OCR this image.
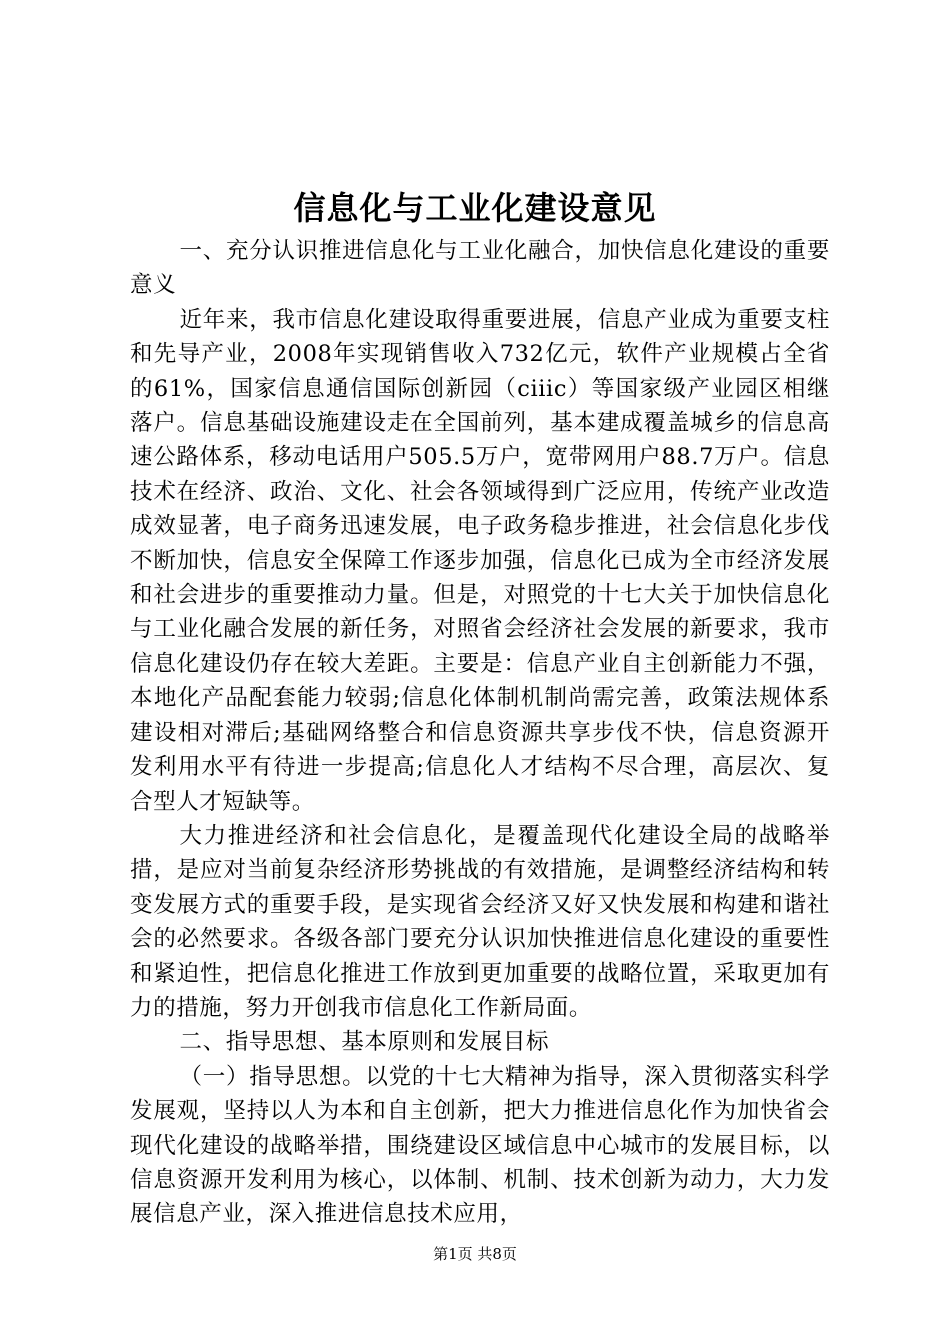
信息化与工业化建设意见

一、充分认识推进信息化与工业化融合，加快信息化建设的重要意义

近年来，我市信息化建设取得重要进展，信息产业成为重要支柱和先导产业，2008年实现销售收入732亿元，软件产业规模占全省的61%，国家信息通信国际创新园（ciiic）等国家级产业园区相继落户。信息基础设施建设走在全国前列，基本建成覆盖城乡的信息高速公路体系，移动电话用户505.5万户，宽带网用户88.7万户。信息技术在经济、政治、文化、社会各领域得到广泛应用，传统产业改造成效显著，电子商务迅速发展，电子政务稳步推进，社会信息化步伐不断加快，信息安全保障工作逐步加强，信息化已成为全市经济发展和社会进步的重要推动力量。但是，对照党的十七大关于加快信息化与工业化融合发展的新任务，对照省会经济社会发展的新要求，我市信息化建设仍存在较大差距。主要是：信息产业自主创新能力不强，本地化产品配套能力较弱;信息化体制机制尚需完善，政策法规体系建设相对滞后;基础网络整合和信息资源共享步伐不快，信息资源开发利用水平有待进一步提高;信息化人才结构不尽合理，高层次、复合型人才短缺等。

大力推进经济和社会信息化，是覆盖现代化建设全局的战略举措，是应对当前复杂经济形势挑战的有效措施，是调整经济结构和转变发展方式的重要手段，是实现省会经济又好又快发展和构建和谐社会的必然要求。各级各部门要充分认识加快推进信息化建设的重要性和紧迫性，把信息化推进工作放到更加重要的战略位置，采取更加有力的措施，努力开创我市信息化工作新局面。

二、指导思想、基本原则和发展目标

（一）指导思想。以党的十七大精神为指导，深入贯彻落实科学发展观，坚持以人为本和自主创新，把大力推进信息化作为加快省会现代化建设的战略举措，围绕建设区域信息中心城市的发展目标，以信息资源开发利用为核心，以体制、机制、技术创新为动力，大力发展信息产业，深入推进信息技术应用，

第1页 共8页
